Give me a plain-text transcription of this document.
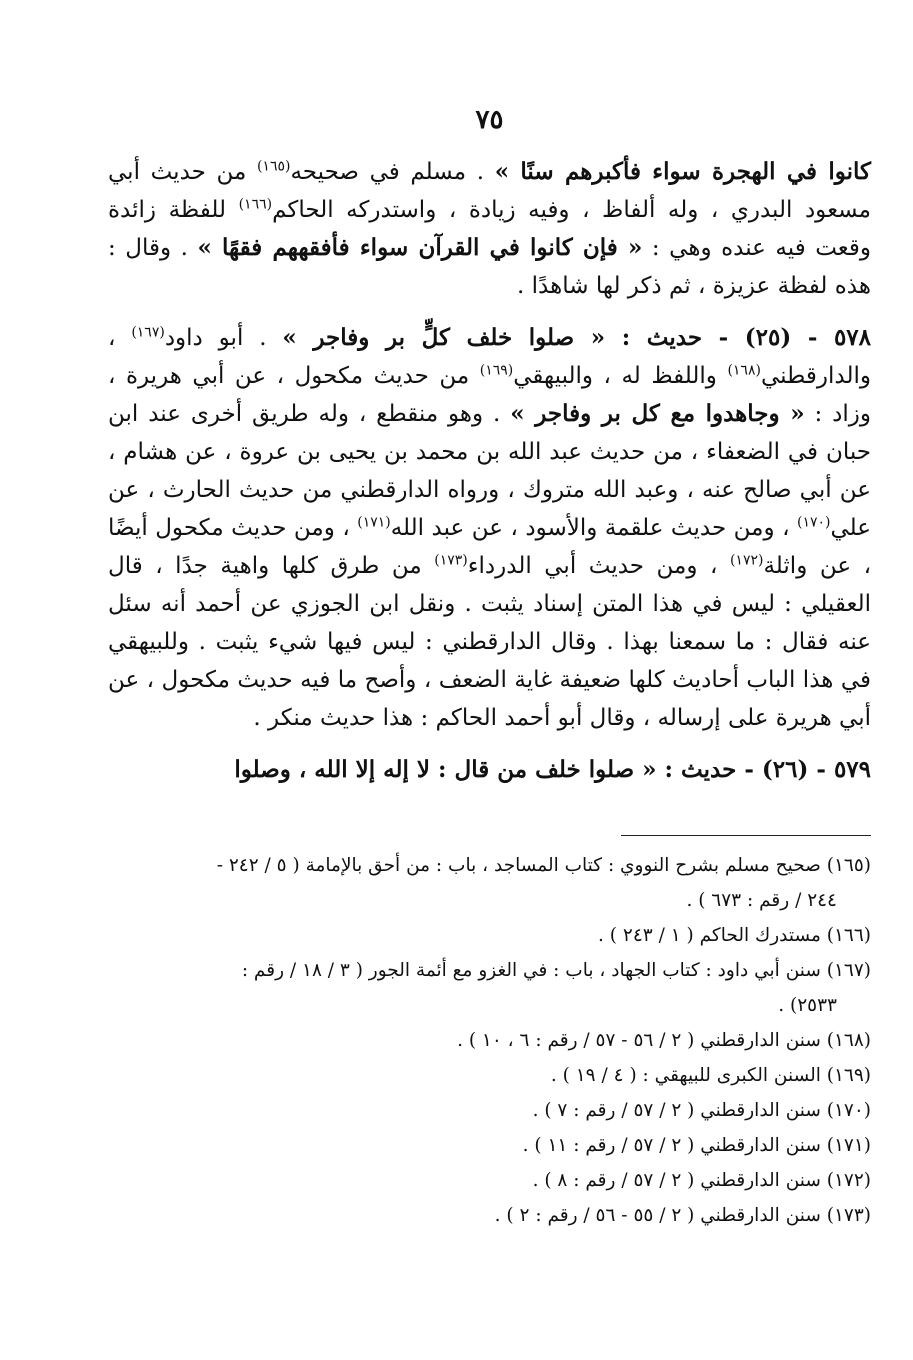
٧٥

كانوا في الهجرة سواء فأكبرهم سنًا » . مسلم في صحيحه$^{(١٦٥)}$ من حديث أبي مسعود البدري ، وله ألفاظ ، وفيه زيادة ، واستدركه الحاكم$^{(١٦٦)}$ للفظة زائدة وقعت فيه عنده وهي : « فإن كانوا في القرآن سواء فأفقههم فقهًا » . وقال : هذه لفظة عزيزة ، ثم ذكر لها شاهدًا .

٥٧٨ - (٢٥) - حديث : « صلوا خلف كلٍّ بر وفاجر » . أبو داود$^{(١٦٧)}$ ، والدارقطني$^{(١٦٨)}$ واللفظ له ، والبيهقي$^{(١٦٩)}$ من حديث مكحول ، عن أبي هريرة ، وزاد : « وجاهدوا مع كل بر وفاجر » . وهو منقطع ، وله طريق أخرى عند ابن حبان في الضعفاء ، من حديث عبد الله بن محمد بن يحيى بن عروة ، عن هشام ، عن أبي صالح عنه ، وعبد الله متروك ، ورواه الدارقطني من حديث الحارث ، عن علي$^{(١٧٠)}$ ، ومن حديث علقمة والأسود ، عن عبد الله$^{(١٧١)}$ ، ومن حديث مكحول أيضًا ، عن واثلة$^{(١٧٢)}$ ، ومن حديث أبي الدرداء$^{(١٧٣)}$ من طرق كلها واهية جدًا ، قال العقيلي : ليس في هذا المتن إسناد يثبت . ونقل ابن الجوزي عن أحمد أنه سئل عنه فقال : ما سمعنا بهذا . وقال الدارقطني : ليس فيها شيء يثبت . وللبيهقي في هذا الباب أحاديث كلها ضعيفة غاية الضعف ، وأصح ما فيه حديث مكحول ، عن أبي هريرة على إرساله ، وقال أبو أحمد الحاكم : هذا حديث منكر .

٥٧٩ - (٢٦) - حديث : « صلوا خلف من قال : لا إله إلا الله ، وصلوا

(١٦٥) صحيح مسلم بشرح النووي : كتاب المساجد ، باب : من أحق بالإمامة ( ٥ / ٢٤٢ -

٢٤٤ / رقم : ٦٧٣ ) .

(١٦٦) مستدرك الحاكم ( ١ / ٢٤٣ ) .

(١٦٧) سنن أبي داود : كتاب الجهاد ، باب : في الغزو مع أئمة الجور ( ٣ / ١٨ / رقم :

٢٥٣٣) .

(١٦٨) سنن الدارقطني ( ٢ / ٥٦ - ٥٧ / رقم : ٦ ، ١٠ ) .

(١٦٩) السنن الكبرى للبيهقي : ( ٤ / ١٩ ) .

(١٧٠) سنن الدارقطني ( ٢ / ٥٧ / رقم : ٧ ) .

(١٧١) سنن الدارقطني ( ٢ / ٥٧ / رقم : ١١ ) .

(١٧٢) سنن الدارقطني ( ٢ / ٥٧ / رقم : ٨ ) .

(١٧٣) سنن الدارقطني ( ٢ / ٥٥ - ٥٦ / رقم : ٢ ) .
